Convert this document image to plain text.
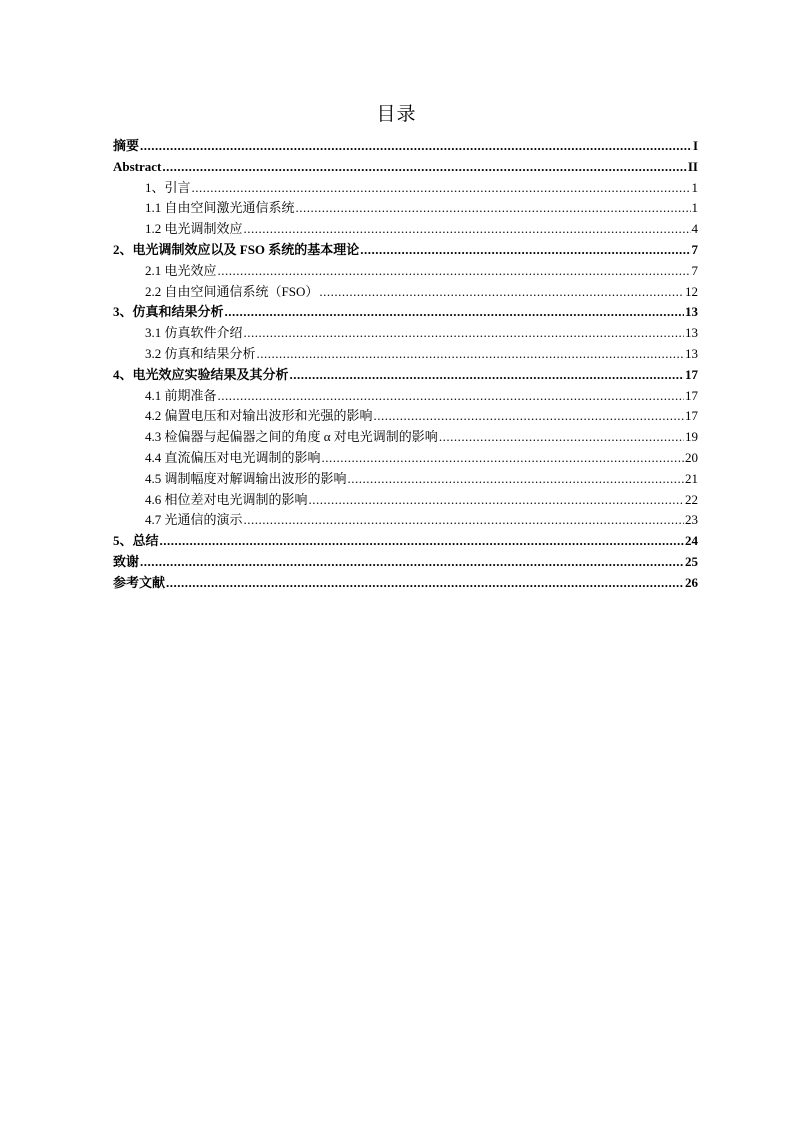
目录
摘要 .....	I
Abstract .....	II
1、引言 .....	1
1.1 自由空间激光通信系统 .....	1
1.2 电光调制效应 .....	4
2、电光调制效应以及 FSO 系统的基本理论 .....	7
2.1 电光效应 .....	7
2.2 自由空间通信系统（FSO） .....	12
3、仿真和结果分析 .....	13
3.1 仿真软件介绍 .....	13
3.2 仿真和结果分析 .....	13
4、电光效应实验结果及其分析 .....	17
4.1 前期准备 .....	17
4.2 偏置电压和对输出波形和光强的影响 .....	17
4.3 检偏器与起偏器之间的角度 α 对电光调制的影响 .....	19
4.4 直流偏压对电光调制的影响 .....	20
4.5 调制幅度对解调输出波形的影响 .....	21
4.6 相位差对电光调制的影响 .....	22
4.7 光通信的演示 .....	23
5、总结 .....	24
致谢 .....	25
参考文献 .....	26
